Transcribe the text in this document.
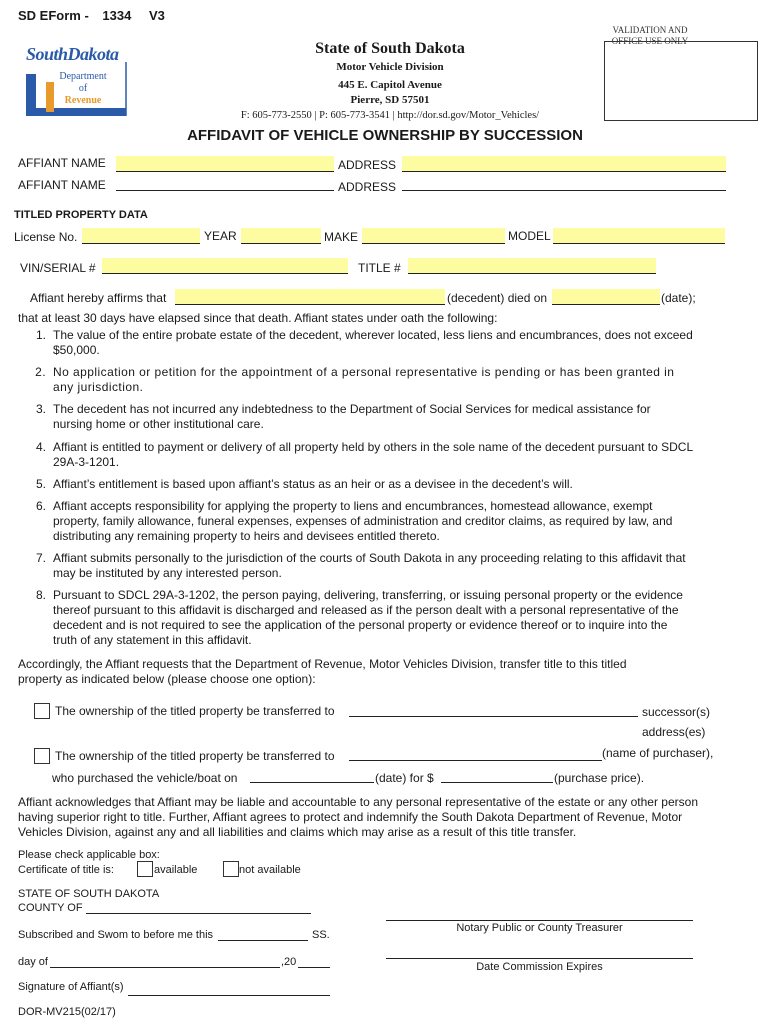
SD EForm - 1334 V3
VALIDATION AND
OFFICE USE ONLY
SouthDakota
Department
of
Revenue
State of South Dakota
Motor Vehicle Division
445 E. Capitol Avenue
Pierre, SD 57501
F: 605-773-2550 | P: 605-773-3541 | http://dor.sd.gov/Motor_Vehicles/
AFFIDAVIT OF VEHICLE OWNERSHIP BY SUCCESSION
AFFIANT NAME	ADDRESS
AFFIANT NAME	ADDRESS
TITLED PROPERTY DATA
License No.	YEAR	MAKE	MODEL
VIN/SERIAL #	TITLE #
Affiant hereby affirms that	(decedent) died on	(date);
that at least 30 days have elapsed since that death. Affiant states under oath the following:
1. The value of the entire probate estate of the decedent, wherever located, less liens and encumbrances, does not exceed $50,000.
2. No application or petition for the appointment of a personal representative is pending or has been granted in any jurisdiction.
3. The decedent has not incurred any indebtedness to the Department of Social Services for medical assistance for nursing home or other institutional care.
4. Affiant is entitled to payment or delivery of all property held by others in the sole name of the decedent pursuant to SDCL 29A-3-1201.
5. Affiant’s entitlement is based upon affiant’s status as an heir or as a devisee in the decedent’s will.
6. Affiant accepts responsibility for applying the property to liens and encumbrances, homestead allowance, exempt property, family allowance, funeral expenses, expenses of administration and creditor claims, as required by law, and distributing any remaining property to heirs and devisees entitled thereto.
7. Affiant submits personally to the jurisdiction of the courts of South Dakota in any proceeding relating to this affidavit that may be instituted by any interested person.
8. Pursuant to SDCL 29A-3-1202, the person paying, delivering, transferring, or issuing personal property or the evidence thereof pursuant to this affidavit is discharged and released as if the person dealt with a personal representative of the decedent and is not required to see the application of the personal property or evidence thereof or to inquire into the truth of any statement in this affidavit.
Accordingly, the Affiant requests that the Department of Revenue, Motor Vehicles Division, transfer title to this titled property as indicated below (please choose one option):
The ownership of the titled property be transferred to	successor(s)
address(es)
The ownership of the titled property be transferred to	(name of purchaser),
who purchased the vehicle/boat on	(date) for $	(purchase price).
Affiant acknowledges that Affiant may be liable and accountable to any personal representative of the estate or any other person having superior right to title. Further, Affiant agrees to protect and indemnify the South Dakota Department of Revenue, Motor Vehicles Division, against any and all liabilities and claims which may arise as a result of this title transfer.
Please check applicable box:
Certificate of title is:	available	not available
STATE OF SOUTH DAKOTA
COUNTY OF
Subscribed and Swom to before me this	SS.
day of	,20
Signature of Affiant(s)
Notary Public or County Treasurer
Date Commission Expires
DOR-MV215(02/17)
